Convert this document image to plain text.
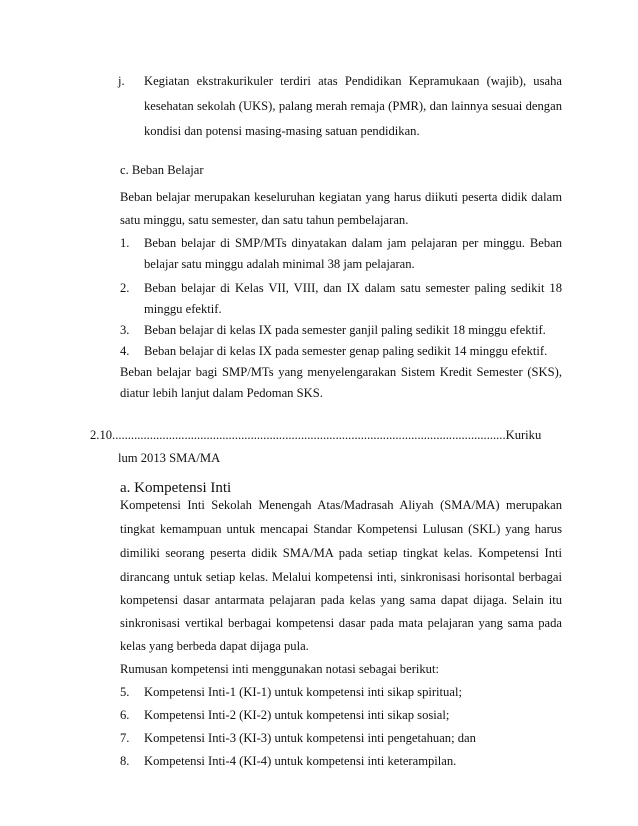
j. Kegiatan ekstrakurikuler terdiri atas Pendidikan Kepramukaan (wajib), usaha
kesehatan sekolah (UKS), palang merah remaja (PMR), dan lainnya sesuai dengan
kondisi dan potensi masing-masing satuan pendidikan.
c. Beban Belajar
Beban belajar merupakan keseluruhan kegiatan yang harus diikuti peserta didik dalam
satu minggu, satu semester, dan satu tahun pembelajaran.
1. Beban belajar di SMP/MTs dinyatakan dalam jam pelajaran per minggu. Beban
belajar satu minggu adalah minimal 38 jam pelajaran.
2. Beban belajar di Kelas VII, VIII, dan IX dalam satu semester paling sedikit 18
minggu efektif.
3. Beban belajar di kelas IX pada semester ganjil paling sedikit 18 minggu efektif.
4. Beban belajar di kelas IX pada semester genap paling sedikit 14 minggu efektif.
Beban belajar bagi SMP/MTs yang menyelengarakan Sistem Kredit Semester (SKS),
diatur lebih lanjut dalam Pedoman SKS.
2.10.............................................................................................................................Kuriku
lum 2013 SMA/MA
a. Kompetensi Inti
Kompetensi Inti Sekolah Menengah Atas/Madrasah Aliyah (SMA/MA) merupakan
tingkat kemampuan untuk mencapai Standar Kompetensi Lulusan (SKL) yang harus
dimiliki seorang peserta didik SMA/MA pada setiap tingkat kelas. Kompetensi Inti
dirancang untuk setiap kelas. Melalui kompetensi inti, sinkronisasi horisontal berbagai
kompetensi dasar antarmata pelajaran pada kelas yang sama dapat dijaga. Selain itu
sinkronisasi vertikal berbagai kompetensi dasar pada mata pelajaran yang sama pada
kelas yang berbeda dapat dijaga pula.
Rumusan kompetensi inti menggunakan notasi sebagai berikut:
5. Kompetensi Inti-1 (KI-1) untuk kompetensi inti sikap spiritual;
6. Kompetensi Inti-2 (KI-2) untuk kompetensi inti sikap sosial;
7. Kompetensi Inti-3 (KI-3) untuk kompetensi inti pengetahuan; dan
8. Kompetensi Inti-4 (KI-4) untuk kompetensi inti keterampilan.
